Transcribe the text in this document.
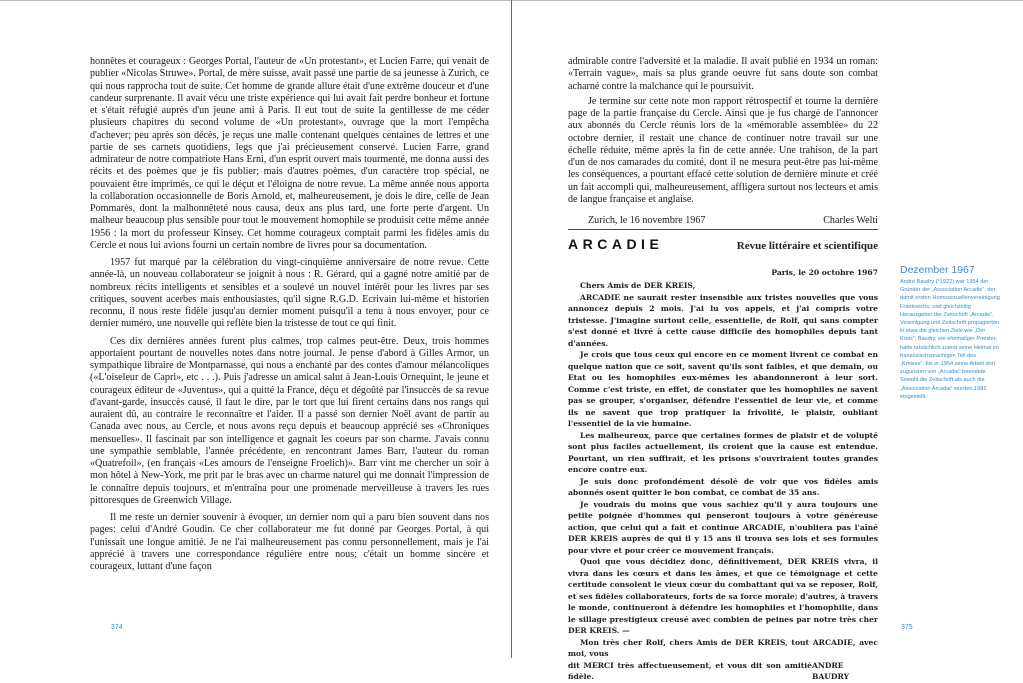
honnêtes et courageux : Georges Portal, l'auteur de «Un protestant», et Lucien Farre, qui venait de publier «Nicolas Struwe». Portal, de mère suisse, avait passé une partie de sa jeunesse à Zurich, ce qui nous rapprocha tout de suite. Cet homme de grande allure était d'une extrême douceur et d'une candeur surprenante. Il avait vécu une triste expérience qui lui avait fait perdre bonheur et fortune et s'était réfugié auprès d'un jeune ami à Paris. Il eut tout de suite la gentillesse de me céder plusieurs chapitres du second volume de «Un protestant», ouvrage que la mort l'empêcha d'achever; peu après son décès, je reçus une malle contenant quelques centaines de lettres et une partie de ses carnets quotidiens, legs que j'ai précieusement conservé. Lucien Farre, grand admirateur de notre compatriote Hans Erni, d'un esprit ouvert mais tourmenté, me donna aussi des récits et des poèmes que je fis publier; mais d'autres poèmes, d'un caractère trop spécial, ne pouvaient être imprimés, ce qui le déçut et l'éloigna de notre revue. La même année nous apporta la collaboration occasionnelle de Boris Arnold, et, malheureusement, je dois le dire, celle de Jean Pommarès, dont la malhonnêteté nous causa, deux ans plus tard, une forte perte d'argent. Un malheur beaucoup plus sensible pour tout le mouvement homophile se produisit cette même année 1956 : la mort du professeur Kinsey. Cet homme courageux comptait parmi les fidèles amis du Cercle et nous lui avions fourni un certain nombre de livres pour sa documentation.

1957 fut marqué par la célébration du vingt-cinquième anniversaire de notre revue. Cette année-là, un nouveau collaborateur se joignit à nous : R. Gérard, qui a gagné notre amitié par de nombreux récits intelligents et sensibles et a soulevé un nouvel intérêt pour les livres par ses critiques, souvent acerbes mais enthousiastes, qu'il signe R.G.D. Ecrivain lui-même et historien reconnu, il nous reste fidèle jusqu'au dernier moment puisqu'il a tenu à nous envoyer, pour ce dernier numéro, une nouvelle qui reflète bien la tristesse de tout ce qui finit.

Ces dix dernières années furent plus calmes, trop calmes peut-être. Deux, trois hommes apportaient pourtant de nouvelles notes dans notre journal. Je pense d'abord à Gilles Armor, un sympathique libraire de Montparnasse, qui nous a enchanté par des contes d'amour mélancoliques («L'oiseleur de Capri», etc . . .). Puis j'adresse un amical salut à Jean-Louis Ornequint, le jeune et courageux éditeur de «Juventus», qui a quitté la France, déçu et dégoûté par l'insuccès de sa revue d'avant-garde, insuccès causé, il faut le dire, par le tort que lui firent certains dans nos rangs qui auraient dû, au contraire le reconnaître et l'aider. Il a passé son dernier Noël avant de partir au Canada avec nous, au Cercle, et nous avons reçu depuis et beaucoup apprécié ses «Chroniques mensuelles». Il fascinait par son intelligence et gagnait les coeurs par son charme. J'avais connu une sympathie semblable, l'année précédente, en rencontrant James Barr, l'auteur du roman «Quatrefoil», (en français «Les amours de l'enseigne Froelich)». Barr vint me chercher un soir à mon hôtel à New-York, me prit par le bras avec un charme naturel qui me donnait l'impression de le connaître depuis toujours, et m'entraîna pour une promenade merveilleuse à travers les rues pittoresques de Greenwich Village.

Il me reste un dernier souvenir à évoquer, un dernier nom qui a paru bien souvent dans nos pages: celui d'André Goudin. Ce cher collaborateur me fut donné par Georges Portal, à qui l'unissait une longue amitié. Je ne l'ai malheureusement pas connu personnellement, mais je l'ai apprécié à travers une correspondance régulière entre nous; c'était un homme sincère et courageux, luttant d'une façon

374

admirable contre l'adversité et la maladie. Il avait publié en 1934 un roman: «Terrain vague», mais sa plus grande oeuvre fut sans doute son combat acharné contre la malchance qui le poursuivit.

Je termine sur cette note mon rapport rétrospectif et tourne la dernière page de la partie française du Cercle. Ainsi que je fus chargé de l'annoncer aux abonnés du Cercle réunis lors de la «mémorable assemblée» du 22 octobre dernier, il restait une chance de continuer notre travail sur une échelle réduite, même après la fin de cette année. Une trahison, de la part d'un de nos camarades du comité, dont il ne mesura peut-être pas lui-même les conséquences, a pourtant effacé cette solution de dernière minute et créé un fait accompli qui, malheureusement, affligera surtout nos lecteurs et amis de langue française et anglaise.

Zurich, le 16 novembre 1967	Charles Welti

ARCADIE	Revue littéraire et scientifique
Paris, le 20 octobre 1967

Chers Amis de DER KREIS,

ARCADIE ne saurait rester insensible aux tristes nouvelles que vous annoncez depuis 2 mois. J'ai lu vos appels, et j'ai compris votre tristesse. J'imagine surtout celle, essentielle, de Rolf, qui sans compter s'est donné et livré à cette cause difficile des homophiles depuis tant d'années.

Je crois que tous ceux qui encore en ce moment livrent ce combat en quelque nation que ce soit, savent qu'ils sont faibles, et que demain, ou Etat ou les homophiles eux-mêmes les abandonneront à leur sort. Comme c'est triste, en effet, de constater que les homophiles ne savent pas se grouper, s'organiser, défendre l'essentiel de leur vie, et comme ils ne savent que trop pratiquer la frivolité, le plaisir, oubliant l'essentiel de la vie humaine.

Les malheureux, parce que certaines formes de plaisir et de volupté sont plus faciles actuellement, ils croient que la cause est entendue. Pourtant, un rien suffirait, et les prisons s'ouvriraient toutes grandes encore contre eux.

Je suis donc profondément désolé de voir que vos fidèles amis abonnés osent quitter le bon combat, ce combat de 35 ans.

Je voudrais du moins que vous sachiez qu'il y aura toujours une petite poignée d'hommes qui penseront toujours à votre généreuse action, que celui qui a fait et continue ARCADIE, n'oubliera pas l'aîné DER KREIS auprès de qui il y 15 ans il trouva ses lois et ses formules pour vivre et pour créer ce mouvement français.

Quoi que vous décidiez donc, définitivement, DER KREIS vivra, il vivra dans les cœurs et dans les âmes, et que ce témoignage et cette certitude consolent le vieux cœur du combattant qui va se reposer, Rolf, et ses fidèles collaborateurs, forts de sa force morale; d'autres, à travers le monde, continueront à défendre les homophiles et l'homophilie, dans le sillage prestigieux creusé avec combien de peines par notre très cher DER KREIS. —

Mon très cher Rolf, chers Amis de DER KREIS, tout ARCADIE, avec moi, vous

dit MERCI très affectueusement, et vous dit son amitié fidèle.
ANDRE BAUDRY

Dezember 1967
André Baudry (*1922) war 1954 der Gründer der „Association Arcadie“, der damit ersten Homosexuellenvereinigung Frankreichs, und gleichzeitig Herausgeber der Zeitschrift „Arcadie“. Vereinigung und Zeitschrift propagierten in etwa die gleichen Ziele wie „Der Kreis“; Baudry, ein ehemaliger Priester, hatte tatsächlich zuerst seine Heimat im französischsprachigen Teil des „Kreises“, bis er 1954 seine Arbeit dort zugunsten von „Arcadie“ beendete. Sowohl die Zeitschrift als auch die „Association Arcadie“ wurden 1982 eingestellt.
375
